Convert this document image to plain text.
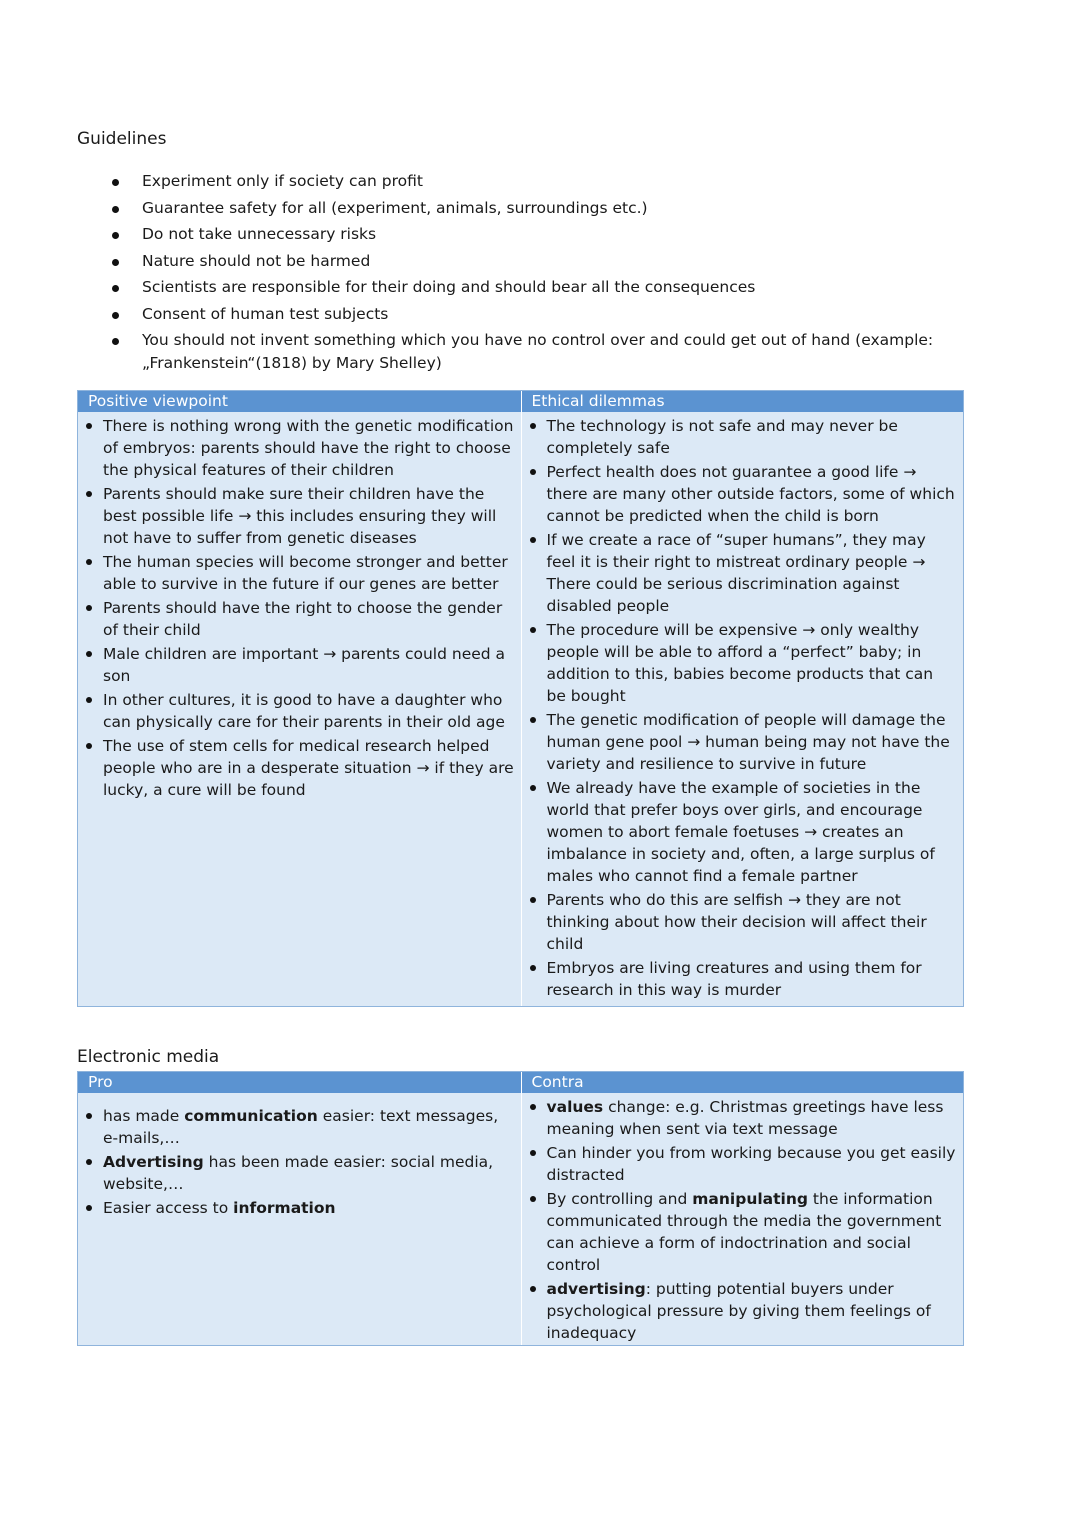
Guidelines
Experiment only if society can profit
Guarantee safety for all (experiment, animals, surroundings etc.)
Do not take unnecessary risks
Nature should not be harmed
Scientists are responsible for their doing and should bear all the consequences
Consent of human test subjects
You should not invent something which you have no control over and could get out of hand (example: „Frankenstein“(1818) by Mary Shelley)
Positive viewpoint
There is nothing wrong with the genetic modification of embryos: parents should have the right to choose the physical features of their children
Parents should make sure their children have the best possible life → this includes ensuring they will not have to suffer from genetic diseases
The human species will become stronger and better able to survive in the future if our genes are better
Parents should have the right to choose the gender of their child
Male children are important → parents could need a son
In other cultures, it is good to have a daughter who can physically care for their parents in their old age
The use of stem cells for medical research helped people who are in a desperate situation → if they are lucky, a cure will be found
Ethical dilemmas
The technology is not safe and may never be completely safe
Perfect health does not guarantee a good life → there are many other outside factors, some of which cannot be predicted when the child is born
If we create a race of “super humans”, they may feel it is their right to mistreat ordinary people → There could be serious discrimination against disabled people
The procedure will be expensive → only wealthy people will be able to afford a “perfect” baby; in addition to this, babies become products that can be bought
The genetic modification of people will damage the human gene pool → human being may not have the variety and resilience to survive in future
We already have the example of societies in the world that prefer boys over girls, and encourage women to abort female foetuses → creates an imbalance in society and, often, a large surplus of males who cannot find a female partner
Parents who do this are selfish → they are not thinking about how their decision will affect their child
Embryos are living creatures and using them for research in this way is murder
Electronic media
Pro
has made communication easier: text messages, e-mails,…
Advertising has been made easier: social media, website,…
Easier access to information
Contra
values change: e.g. Christmas greetings have less meaning when sent via text message
Can hinder you from working because you get easily distracted
By controlling and manipulating the information communicated through the media the government can achieve a form of indoctrination and social control
advertising: putting potential buyers under psychological pressure by giving them feelings of inadequacy
